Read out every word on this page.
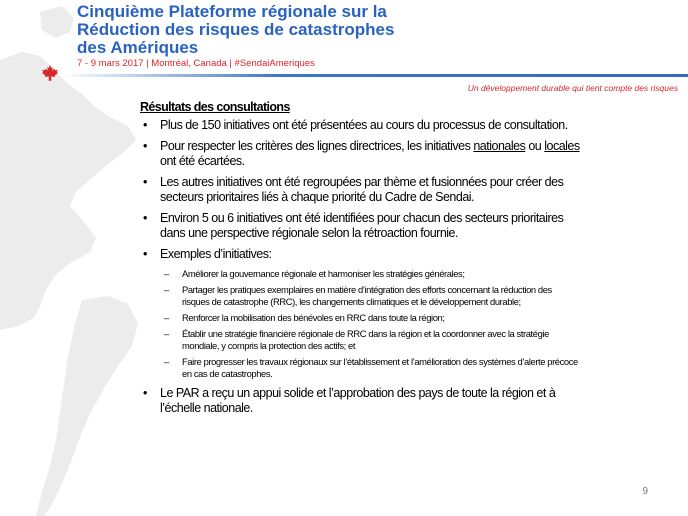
Cinquième Plateforme régionale sur la
Réduction des risques de catastrophes
des Amériques
7 - 9 mars 2017 | Montréal, Canada | #SendaiAmeriques
Un développement durable qui tient compte des risques
Résultats des consultations
• Plus de 150 initiatives ont été présentées au cours du processus de consultation.
• Pour respecter les critères des lignes directrices, les initiatives nationales ou locales ont été écartées.
• Les autres initiatives ont été regroupées par thème et fusionnées pour créer des secteurs prioritaires liés à chaque priorité du Cadre de Sendai.
• Environ 5 ou 6 initiatives ont été identifiées pour chacun des secteurs prioritaires dans une perspective régionale selon la rétroaction fournie.
• Exemples d’initiatives:
– Améliorer la gouvernance régionale et harmoniser les stratégies générales;
– Partager les pratiques exemplaires en matière d’intégration des efforts concernant la réduction des risques de catastrophe (RRC), les changements climatiques et le développement durable;
– Renforcer la mobilisation des bénévoles en RRC dans toute la région;
– Établir une stratégie financière régionale de RRC dans la région et la coordonner avec la stratégie mondiale, y compris la protection des actifs; et
– Faire progresser les travaux régionaux sur l’établissement et l’amélioration des systèmes d’alerte précoce en cas de catastrophes.
• Le PAR a reçu un appui solide et l’approbation des pays de toute la région et à l’échelle nationale.
9
